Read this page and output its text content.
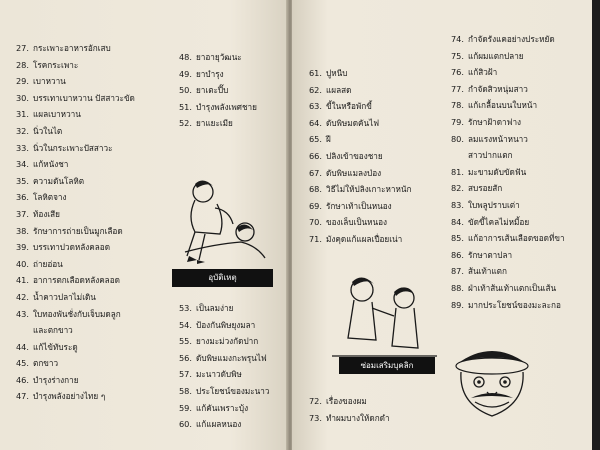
27. กระเพาะอาหารอักเสบ
28. โรคกระเพาะ
29. เบาหวาน
30. บรรเทาเบาหวาน ปัสสาวะขัด
31. แผลเบาหวาน
32. นิ่วในไต
33. นิ่วในกระเพาะปัสสาวะ
34. แก้หนังชา
35. ความดันโลหิต
36. โลหิตจาง
37. ท้องเสีย
38. รักษาการถ่ายเป็นมูกเลือด
39. บรรเทาปวดหลังคลอด
40. ถ่ายอ่อน
41. อาการตกเลือดหลังคลอด
42. น้ำคาวปลาไม่เดิน
43. ใบทองพันชั่งกับเจ็บมดลูก
และตกขาว
44. แก้ไข้ทับระดู
45. ตกขาว
46. บำรุงร่างกาย
47. บำรุงพลังอย่างไทย ๆ
48. ยาอายุวัฒนะ
49. ยาบำรุง
50. ยาเตะปี๊บ
51. บำรุงพลังเพศชาย
52. ยาแยะเมีย
อุบัติเหตุ
53. เป็นลมง่าย
54. ป้องกันพิษยุงมลา
55. ยางมะม่วงกัดปาก
56. ดับพิษแมงกะพรุนไฟ
57. มะนาวดับพิษ
58. ประโยชน์ของมะนาว
59. แก้คันเพราะบุ้ง
60. แก้แผลหนอง
61. ปูหนีบ
62. แผลสด
63. ขี้ในหรือพักขี้
64. ดับพิษมดคันไฟ
65. ฝี
66. ปลิงเข้าของชาย
67. ดับพิษแมลงป่อง
68. วิธีไม่ให้ปลิงเกาะหาหนัก
69. รักษาเท้าเป็นหนอง
70. ของเล็บเป็นหนอง
71. มังคุดแก้แผลเปื่อยเน่า
ซ่อมเสริมบุคลิก
72. เรื่องของผม
73. ทำผมบางให้ดกดำ
74. กำจัดรังแคอย่างประหยัด
75. แก้ผมแตกปลาย
76. แก้สิวฝ้า
77. กำจัดสิวหนุ่มสาว
78. แก้เกลื้อนบนใบหน้า
79. รักษาฝ้าดาฟาง
80. ลมแรงหน้าหนาว
สาวปากแตก
81. มะขามดับขัดฟัน
82. สบรอยสัก
83. ใบพลูปราบเต่า
84. ขัดขี้ไคลไม่หมี้อย
85. แก้อาการเส้นเลือดขอดที่ขา
86. รักษาตาปลา
87. ส้นเท้าแตก
88. ฝ่าเท้าส้นเท้าแตกเป็นเส้น
89. มากประโยชน์ของมะละกอ
